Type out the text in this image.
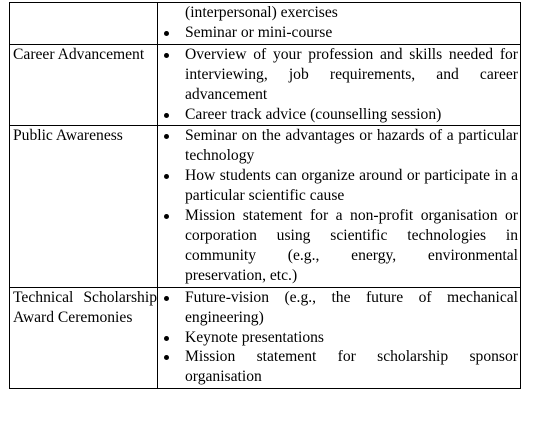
	(interpersonal) exercises
Seminar or mini-course

Career Advancement	Overview of your profession and skills needed for interviewing, job requirements, and career advancement
Career track advice (counselling session)

Public Awareness	Seminar on the advantages or hazards of a particular technology
How students can organize around or participate in a particular scientific cause
Mission statement for a non-profit organisation or corporation using scientific technologies in community (e.g., energy, environmental preservation, etc.)

Technical Scholarship Award Ceremonies	Future-vision (e.g., the future of mechanical engineering)
Keynote presentations
Mission statement for scholarship sponsor organisation
